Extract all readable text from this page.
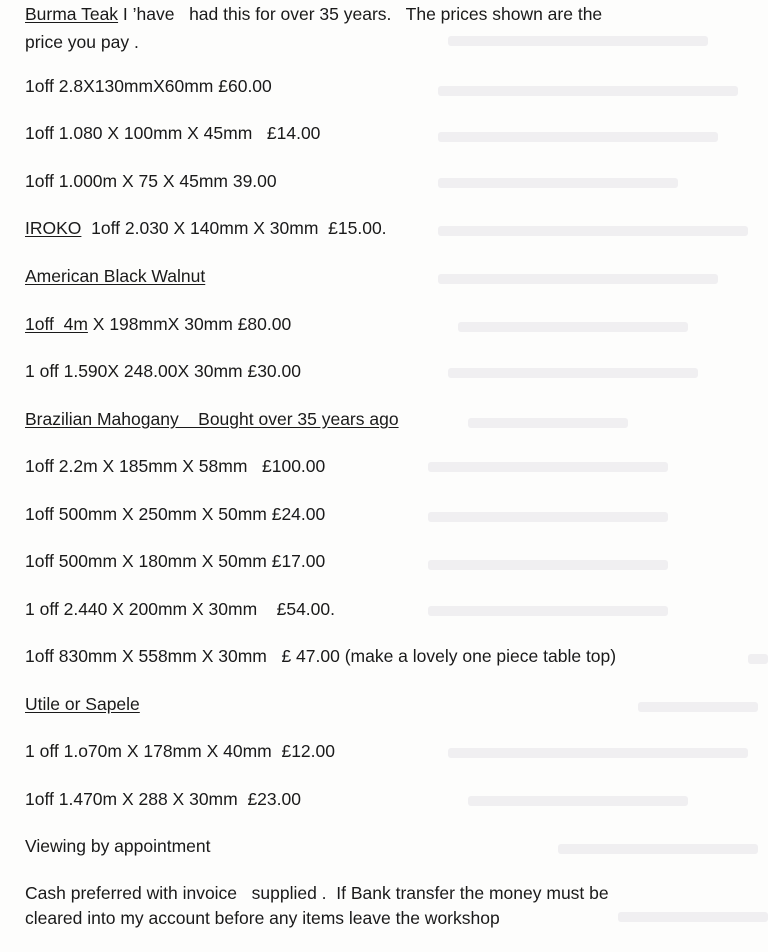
Burma Teak I ’have   had this for over 35 years.   The prices shown are the
price you pay .
1off 2.8X130mmX60mm £60.00
1off 1.080 X 100mm X 45mm   £14.00
1off 1.000m X 75 X 45mm 39.00
IROKO  1off 2.030 X 140mm X 30mm  £15.00.
American Black Walnut
1off  4m X 198mmX 30mm £80.00
1 off 1.590X 248.00X 30mm £30.00
Brazilian Mahogany    Bought over 35 years ago
1off 2.2m X 185mm X 58mm   £100.00
1off 500mm X 250mm X 50mm £24.00
1off 500mm X 180mm X 50mm £17.00
1 off 2.440 X 200mm X 30mm    £54.00.
1off 830mm X 558mm X 30mm   £ 47.00 (make a lovely one piece table top)
Utile or Sapele
1 off 1.o70m X 178mm X 40mm  £12.00
1off 1.470m X 288 X 30mm  £23.00
Viewing by appointment
Cash preferred with invoice   supplied .  If Bank transfer the money must be
cleared into my account before any items leave the workshop
